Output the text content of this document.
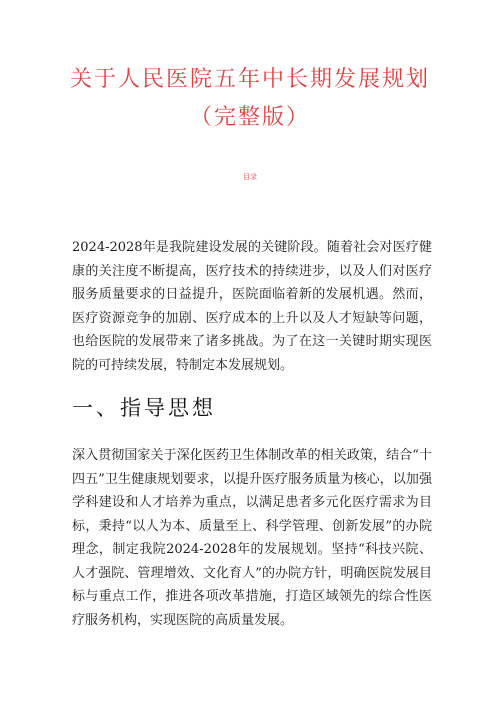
关于人民医院五年中长期发展规划
（完整版）
目录

2024-2028年是我院建设发展的关键阶段。随着社会对医疗健康的关注度不断提高，医疗技术的持续进步，以及人们对医疗服务质量要求的日益提升，医院面临着新的发展机遇。然而，医疗资源竞争的加剧、医疗成本的上升以及人才短缺等问题，也给医院的发展带来了诸多挑战。为了在这一关键时期实现医院的可持续发展，特制定本发展规划。

一、指导思想

深入贯彻国家关于深化医药卫生体制改革的相关政策，结合“十四五”卫生健康规划要求，以提升医疗服务质量为核心，以加强学科建设和人才培养为重点，以满足患者多元化医疗需求为目标，秉持“以人为本、质量至上、科学管理、创新发展”的办院理念，制定我院2024-2028年的发展规划。坚持“科技兴院、人才强院、管理增效、文化育人”的办院方针，明确医院发展目标与重点工作，推进各项改革措施，打造区域领先的综合性医疗服务机构，实现医院的高质量发展。
